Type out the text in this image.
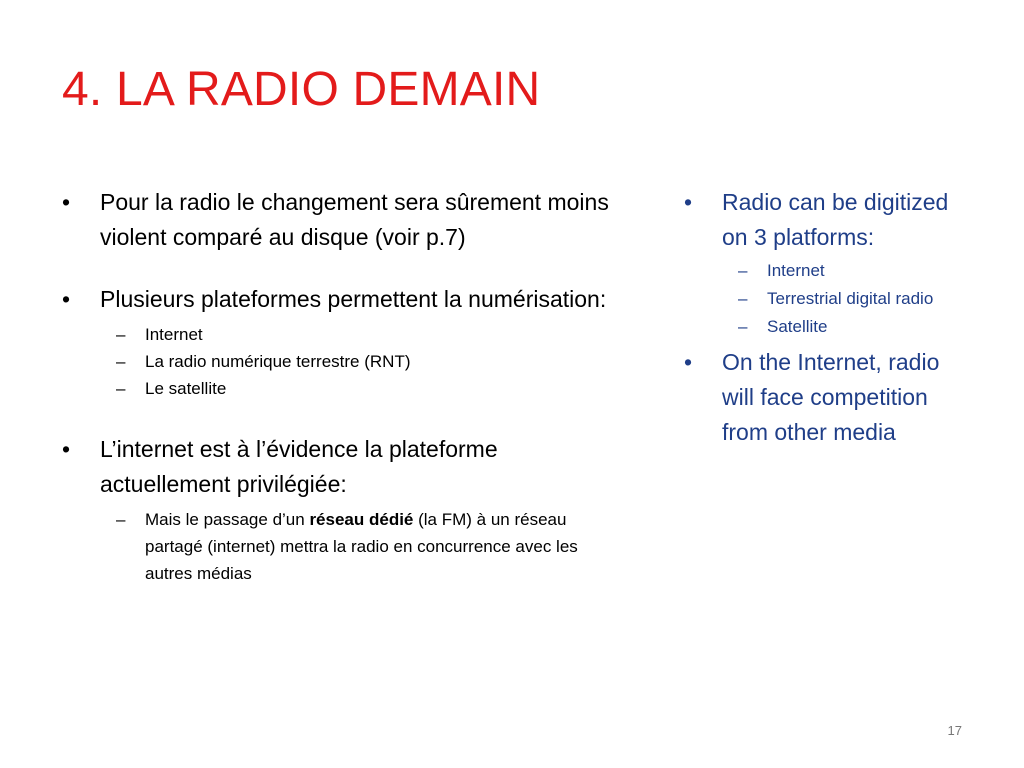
4. LA RADIO DEMAIN
• Pour la radio le changement sera sûrement moins violent comparé au disque (voir p.7)
• Plusieurs plateformes permettent la numérisation:
– Internet
– La radio numérique terrestre (RNT)
– Le satellite
• L’internet est à l’évidence la plateforme actuellement privilégiée:
– Mais le passage d’un réseau dédié (la FM) à un réseau partagé (internet) mettra la radio en concurrence avec les autres médias
• Radio can be digitized on 3 platforms:
– Internet
– Terrestrial digital radio
– Satellite
• On the Internet, radio will face competition from other media
17
